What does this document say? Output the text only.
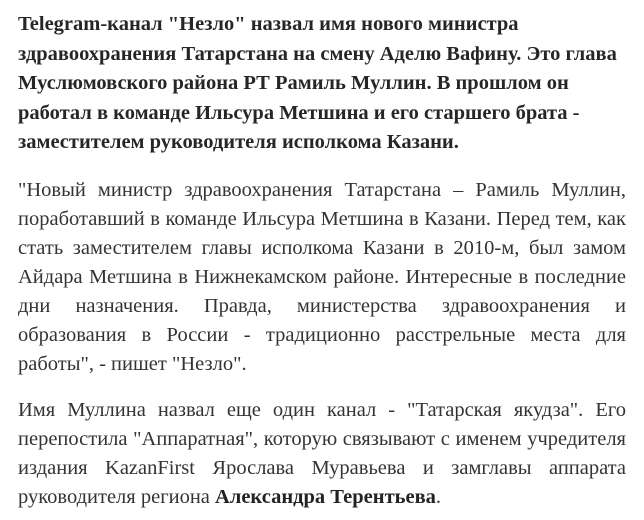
Telegram-канал "Незло" назвал имя нового министра здравоохранения Татарстана на смену Аделю Вафину. Это глава Муслюмовского района РТ Рамиль Муллин. В прошлом он работал в команде Ильсура Метшина и его старшего брата - заместителем руководителя исполкома Казани.

"Новый министр здравоохранения Татарстана – Рамиль Муллин, поработавший в команде Ильсура Метшина в Казани. Перед тем, как стать заместителем главы исполкома Казани в 2010-м, был замом Айдара Метшина в Нижнекамском районе. Интересные в последние дни назначения. Правда, министерства здравоохранения и образования в России - традиционно расстрельные места для работы", - пишет "Незло".

Имя Муллина назвал еще один канал - "Татарская якудза". Его перепостила "Аппаратная", которую связывают с именем учредителя издания KazanFirst Ярослава Муравьева и замглавы аппарата руководителя региона Александра Терентьева.
